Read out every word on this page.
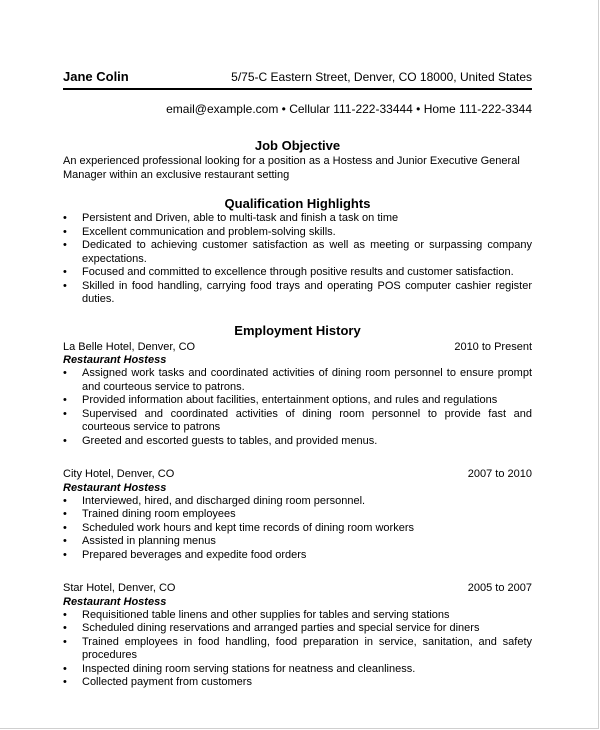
Jane Colin	5/75-C Eastern Street, Denver, CO 18000, United States
email@example.com • Cellular 111-222-33444 • Home 111-222-3344
Job Objective
An experienced professional looking for a position as a Hostess and Junior Executive General Manager within an exclusive restaurant setting
Qualification Highlights
• Persistent and Driven, able to multi-task and finish a task on time
• Excellent communication and problem-solving skills.
• Dedicated to achieving customer satisfaction as well as meeting or surpassing company expectations.
• Focused and committed to excellence through positive results and customer satisfaction.
• Skilled in food handling, carrying food trays and operating POS computer cashier register duties.
Employment History
La Belle Hotel, Denver, CO	2010 to Present
Restaurant Hostess
• Assigned work tasks and coordinated activities of dining room personnel to ensure prompt and courteous service to patrons.
• Provided information about facilities, entertainment options, and rules and regulations
• Supervised and coordinated activities of dining room personnel to provide fast and courteous service to patrons
• Greeted and escorted guests to tables, and provided menus.
City Hotel, Denver, CO	2007 to 2010
Restaurant Hostess
• Interviewed, hired, and discharged dining room personnel.
• Trained dining room employees
• Scheduled work hours and kept time records of dining room workers
• Assisted in planning menus
• Prepared beverages and expedite food orders
Star Hotel, Denver, CO	2005 to 2007
Restaurant Hostess
• Requisitioned table linens and other supplies for tables and serving stations
• Scheduled dining reservations and arranged parties and special service for diners
• Trained employees in food handling, food preparation in service, sanitation, and safety procedures
• Inspected dining room serving stations for neatness and cleanliness.
• Collected payment from customers
